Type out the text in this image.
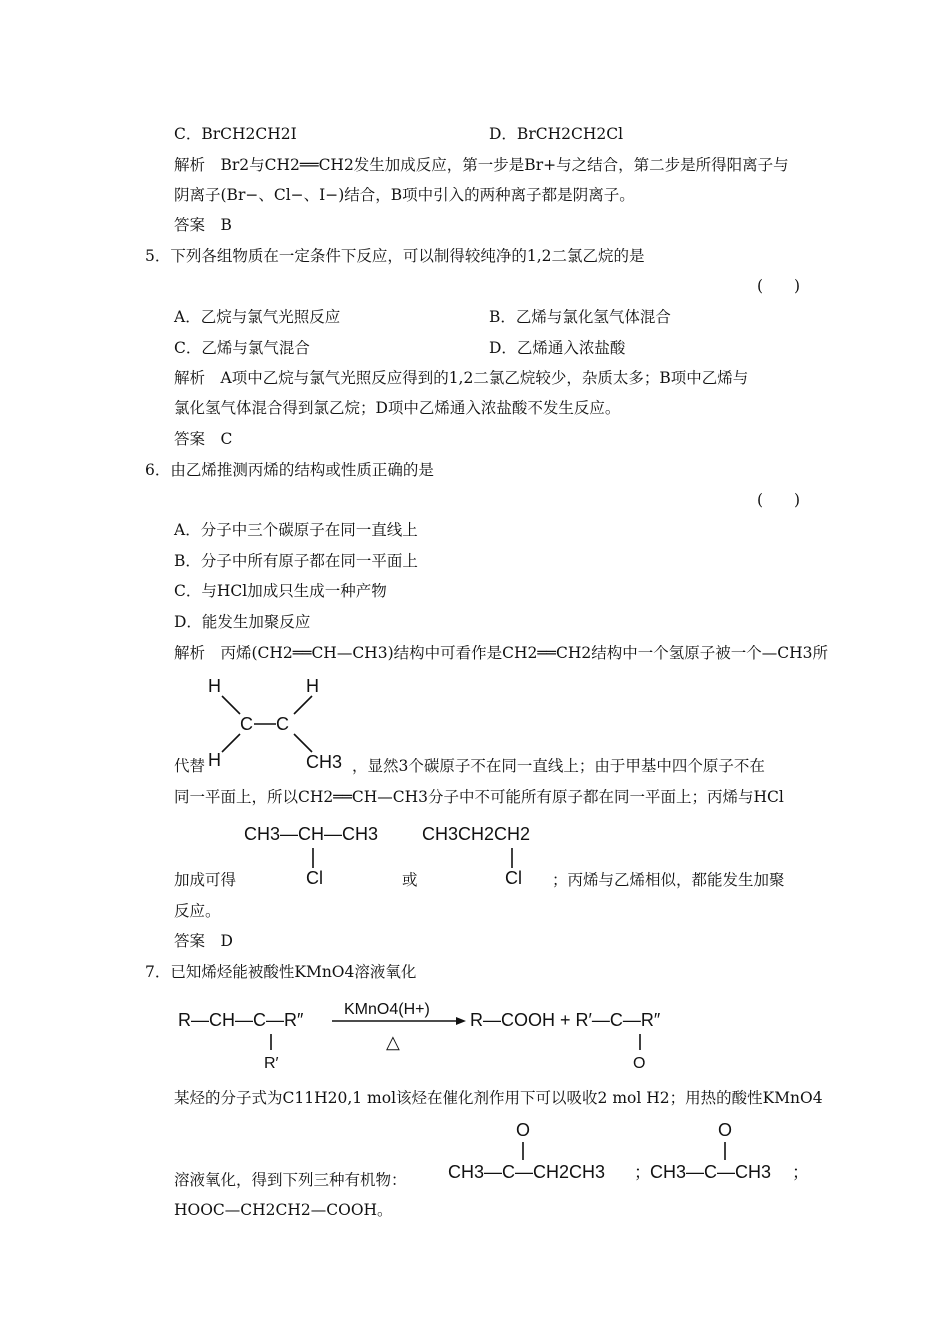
C．BrCH2CH2I	D．BrCH2CH2Cl
解析　Br2与CH2══CH2发生加成反应，第一步是Br+与之结合，第二步是所得阳离子与
阴离子(Br−、Cl−、I−)结合，B项中引入的两种离子都是阴离子。
答案　B
5．下列各组物质在一定条件下反应，可以制得较纯净的1,2二氯乙烷的是
(　　)
A．乙烷与氯气光照反应	B．乙烯与氯化氢气体混合
C．乙烯与氯气混合	D．乙烯通入浓盐酸
解析　A项中乙烷与氯气光照反应得到的1,2二氯乙烷较少，杂质太多；B项中乙烯与
氯化氢气体混合得到氯乙烷；D项中乙烯通入浓盐酸不发生反应。
答案　C
6．由乙烯推测丙烯的结构或性质正确的是
(　　)
A．分子中三个碳原子在同一直线上
B．分子中所有原子都在同一平面上
C．与HCl加成只生成一种产物
D．能发生加聚反应
解析　丙烯(CH2══CH—CH3)结构中可看作是CH2══CH2结构中一个氢原子被一个—CH3所
H	H
C C
H	CH3
代替	，显然3个碳原子不在同一直线上；由于甲基中四个原子不在
同一平面上，所以CH2══CH—CH3分子中不可能所有原子都在同一平面上；丙烯与HCl
CH3—CH—CH3
Cl
CH3CH2CH2
Cl
加成可得	或	；丙烯与乙烯相似，都能发生加聚
反应。
答案　D
7．已知烯烃能被酸性KMnO4溶液氧化
R—CH—C—R″
R′
KMnO4(H+)
△
R—COOH + R′—C—R″
O
某烃的分子式为C11H20,1 mol该烃在催化剂作用下可以吸收2 mol H2；用热的酸性KMnO4
溶液氧化，得到下列三种有机物：
O
CH3—C—CH2CH3 ；
O
CH3—C—CH3 ；
HOOC—CH2CH2—COOH。
